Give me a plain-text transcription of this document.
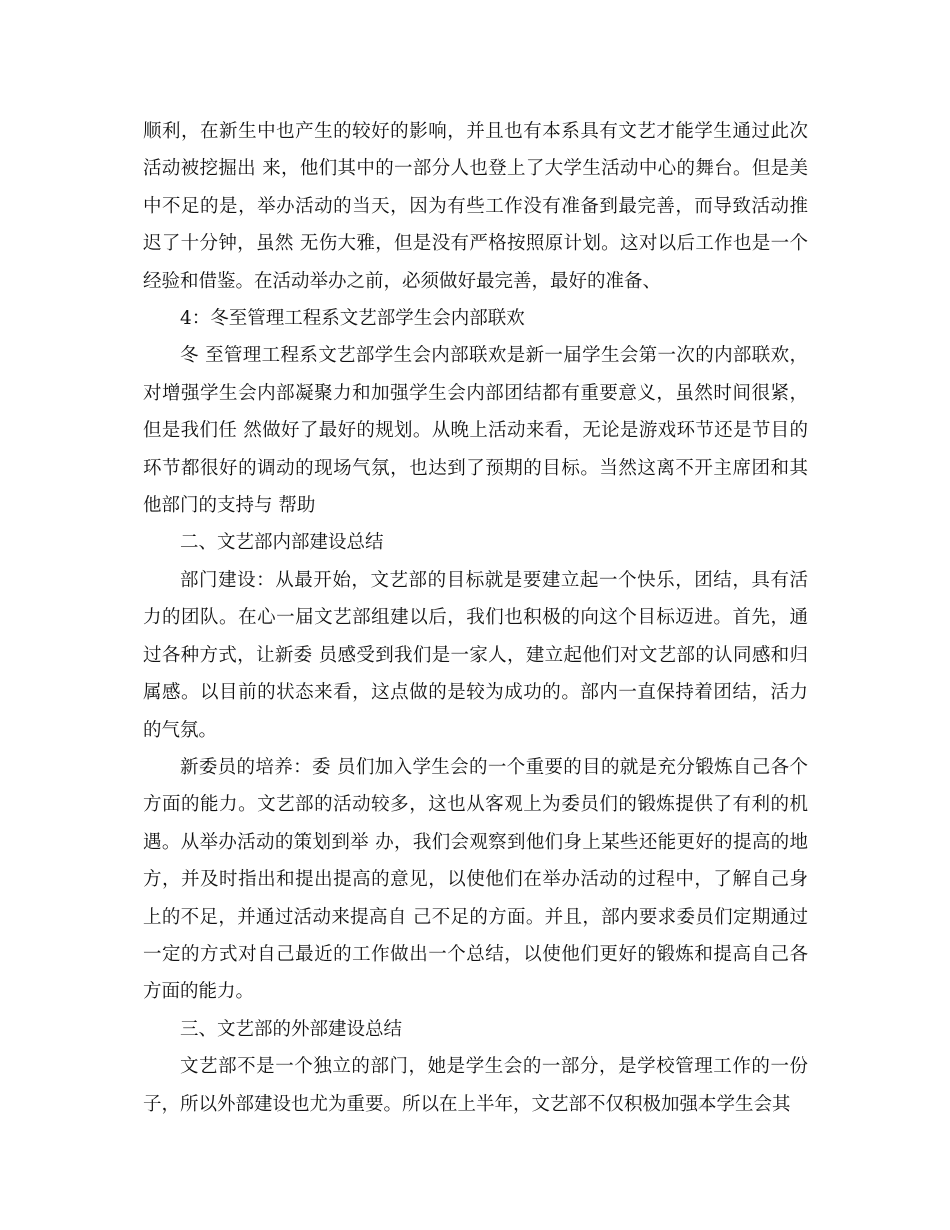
顺利，在新生中也产生的较好的影响，并且也有本系具有文艺才能学生通过此次活动被挖掘出 来，他们其中的一部分人也登上了大学生活动中心的舞台。但是美中不足的是，举办活动的当天，因为有些工作没有准备到最完善，而导致活动推迟了十分钟，虽然 无伤大雅，但是没有严格按照原计划。这对以后工作也是一个经验和借鉴。在活动举办之前，必须做好最完善，最好的准备、

4：冬至管理工程系文艺部学生会内部联欢

冬 至管理工程系文艺部学生会内部联欢是新一届学生会第一次的内部联欢，对增强学生会内部凝聚力和加强学生会内部团结都有重要意义，虽然时间很紧，但是我们任 然做好了最好的规划。从晚上活动来看，无论是游戏环节还是节目的环节都很好的调动的现场气氛，也达到了预期的目标。当然这离不开主席团和其他部门的支持与 帮助

二、文艺部内部建设总结

部门建设：从最开始，文艺部的目标就是要建立起一个快乐，团结，具有活力的团队。在心一届文艺部组建以后，我们也积极的向这个目标迈进。首先，通过各种方式，让新委 员感受到我们是一家人，建立起他们对文艺部的认同感和归属感。以目前的状态来看，这点做的是较为成功的。部内一直保持着团结，活力的气氛。

新委员的培养：委 员们加入学生会的一个重要的目的就是充分锻炼自己各个方面的能力。文艺部的活动较多，这也从客观上为委员们的锻炼提供了有利的机遇。从举办活动的策划到举 办，我们会观察到他们身上某些还能更好的提高的地方，并及时指出和提出提高的意见，以使他们在举办活动的过程中，了解自己身上的不足，并通过活动来提高自 己不足的方面。并且，部内要求委员们定期通过一定的方式对自己最近的工作做出一个总结，以使他们更好的锻炼和提高自己各方面的能力。

三、文艺部的外部建设总结

文艺部不是一个独立的部门，她是学生会的一部分，是学校管理工作的一份子，所以外部建设也尤为重要。所以在上半年，文艺部不仅积极加强本学生会其
